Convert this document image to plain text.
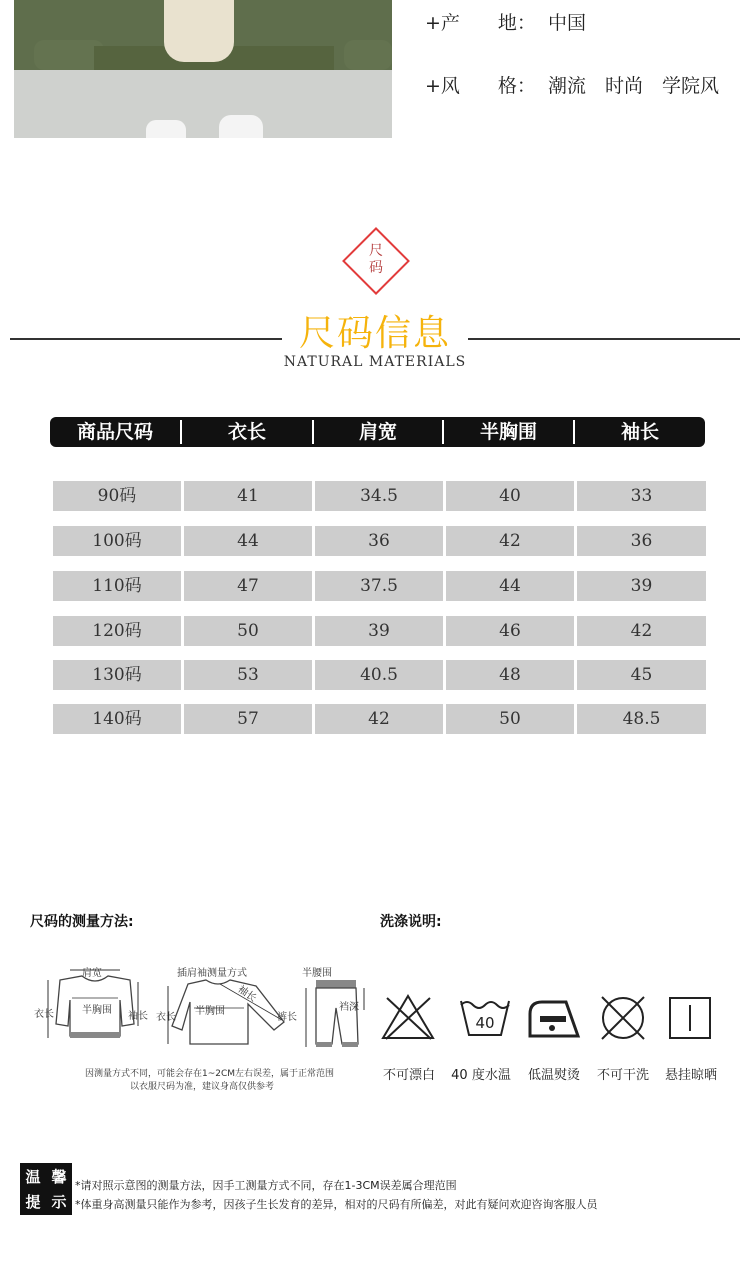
+产　　地： 中国
+风　　格： 潮流　时尚　学院风
尺码
尺码信息
NATURAL MATERIALS
商品尺码	衣长	肩宽	半胸围	袖长
90码	41	34.5	40	33
100码	44	36	42	36
110码	47	37.5	44	39
120码	50	39	46	42
130码	53	40.5	48	45
140码	57	42	50	48.5
尺码的测量方法:
肩宽
半胸围
衣长	袖长
插肩袖测量方式
半胸围
衣长
袖长
半腰围
裆深
裤长
因测量方式不同，可能会存在1~2CM左右误差，属于正常范围
以衣服尺码为准，建议身高仅供参考
洗涤说明:
40
不可漂白	40 度水温	低温熨烫	不可干洗	悬挂晾晒
温 馨
提 示
*请对照示意图的测量方法，因手工测量方式不同，存在1-3CM误差属合理范围
*体重身高测量只能作为参考，因孩子生长发育的差异，相对的尺码有所偏差，对此有疑问欢迎咨询客服人员
